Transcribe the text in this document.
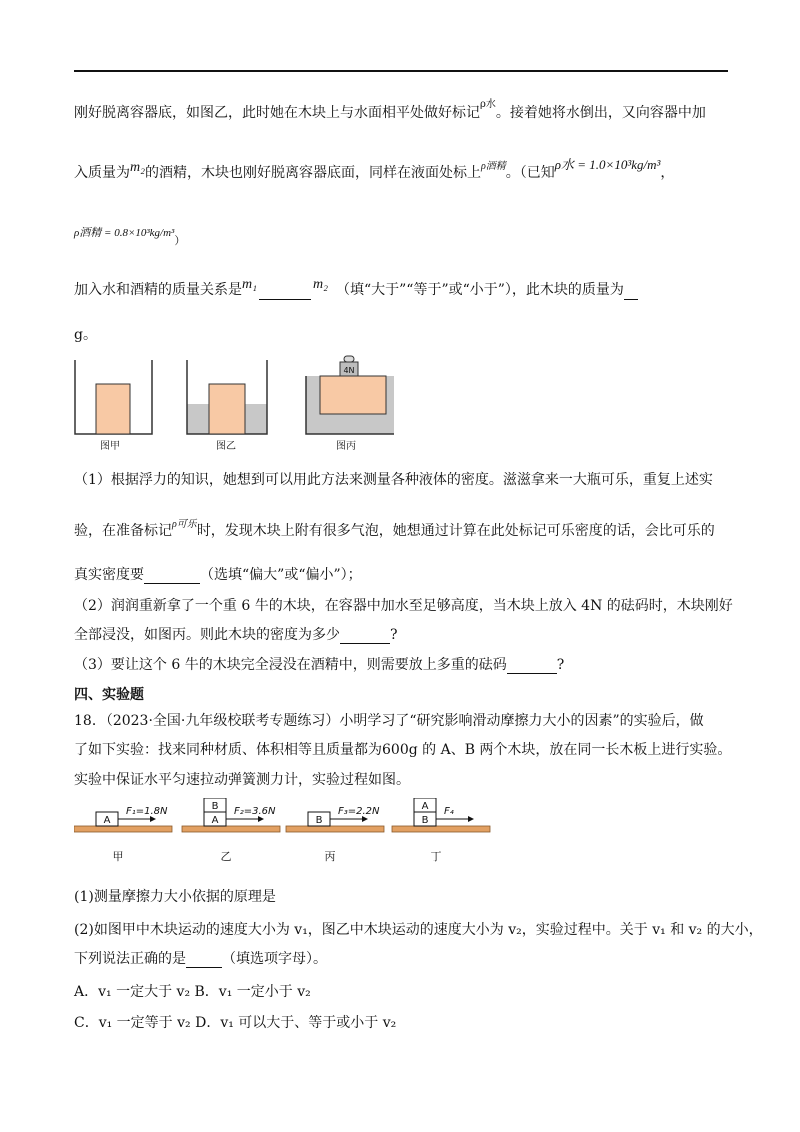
刚好脱离容器底，如图乙，此时她在木块上与水面相平处做好标记$^{\rho 水}$。接着她将水倒出，又向容器中加
入质量为m₂的酒精，木块也刚好脱离容器底面，同样在液面处标上$^{\rho 酒精}$。（已知ρ水 = 1.0×10³kg/m³，
ρ酒精 = 0.8×10³kg/m³）
加入水和酒精的质量关系是m₁	m₂ （填“大于”“等于”或“小于”），此木块的质量为
g。
4N
图甲	图乙	图丙
（1）根据浮力的知识，她想到可以用此方法来测量各种液体的密度。滋滋拿来一大瓶可乐，重复上述实
验，在准备标记$^{\rho 可乐}$时，发现木块上附有很多气泡，她想通过计算在此处标记可乐密度的话，会比可乐的
真实密度要	（选填“偏大”或“偏小”）；
（2）润润重新拿了一个重 6 牛的木块，在容器中加水至足够高度，当木块上放入 4N 的砝码时，木块刚好
全部浸没，如图丙。则此木块的密度为多少	?
（3）要让这个 6 牛的木块完全浸没在酒精中，则需要放上多重的砝码	?
四、实验题
18．（2023·全国·九年级校联考专题练习）小明学习了“研究影响滑动摩擦力大小的因素”的实验后，做
了如下实验：找来同种材质、体积相等且质量都为600g 的 A、B 两个木块，放在同一长木板上进行实验。
实验中保证水平匀速拉动弹簧测力计，实验过程如图。
A
F₁=1.8N
甲
A
B F₂=3.6N
乙
B
F₃=2.2N
丙
B
A F₄
丁
(1)测量摩擦力大小依据的原理是
(2)如图甲中木块运动的速度大小为 v₁，图乙中木块运动的速度大小为 v₂，实验过程中。关于 v₁ 和 v₂ 的大小，
下列说法正确的是	（填选项字母）。
A．v₁ 一定大于 v₂ B．v₁ 一定小于 v₂
C．v₁ 一定等于 v₂ D．v₁ 可以大于、等于或小于 v₂
